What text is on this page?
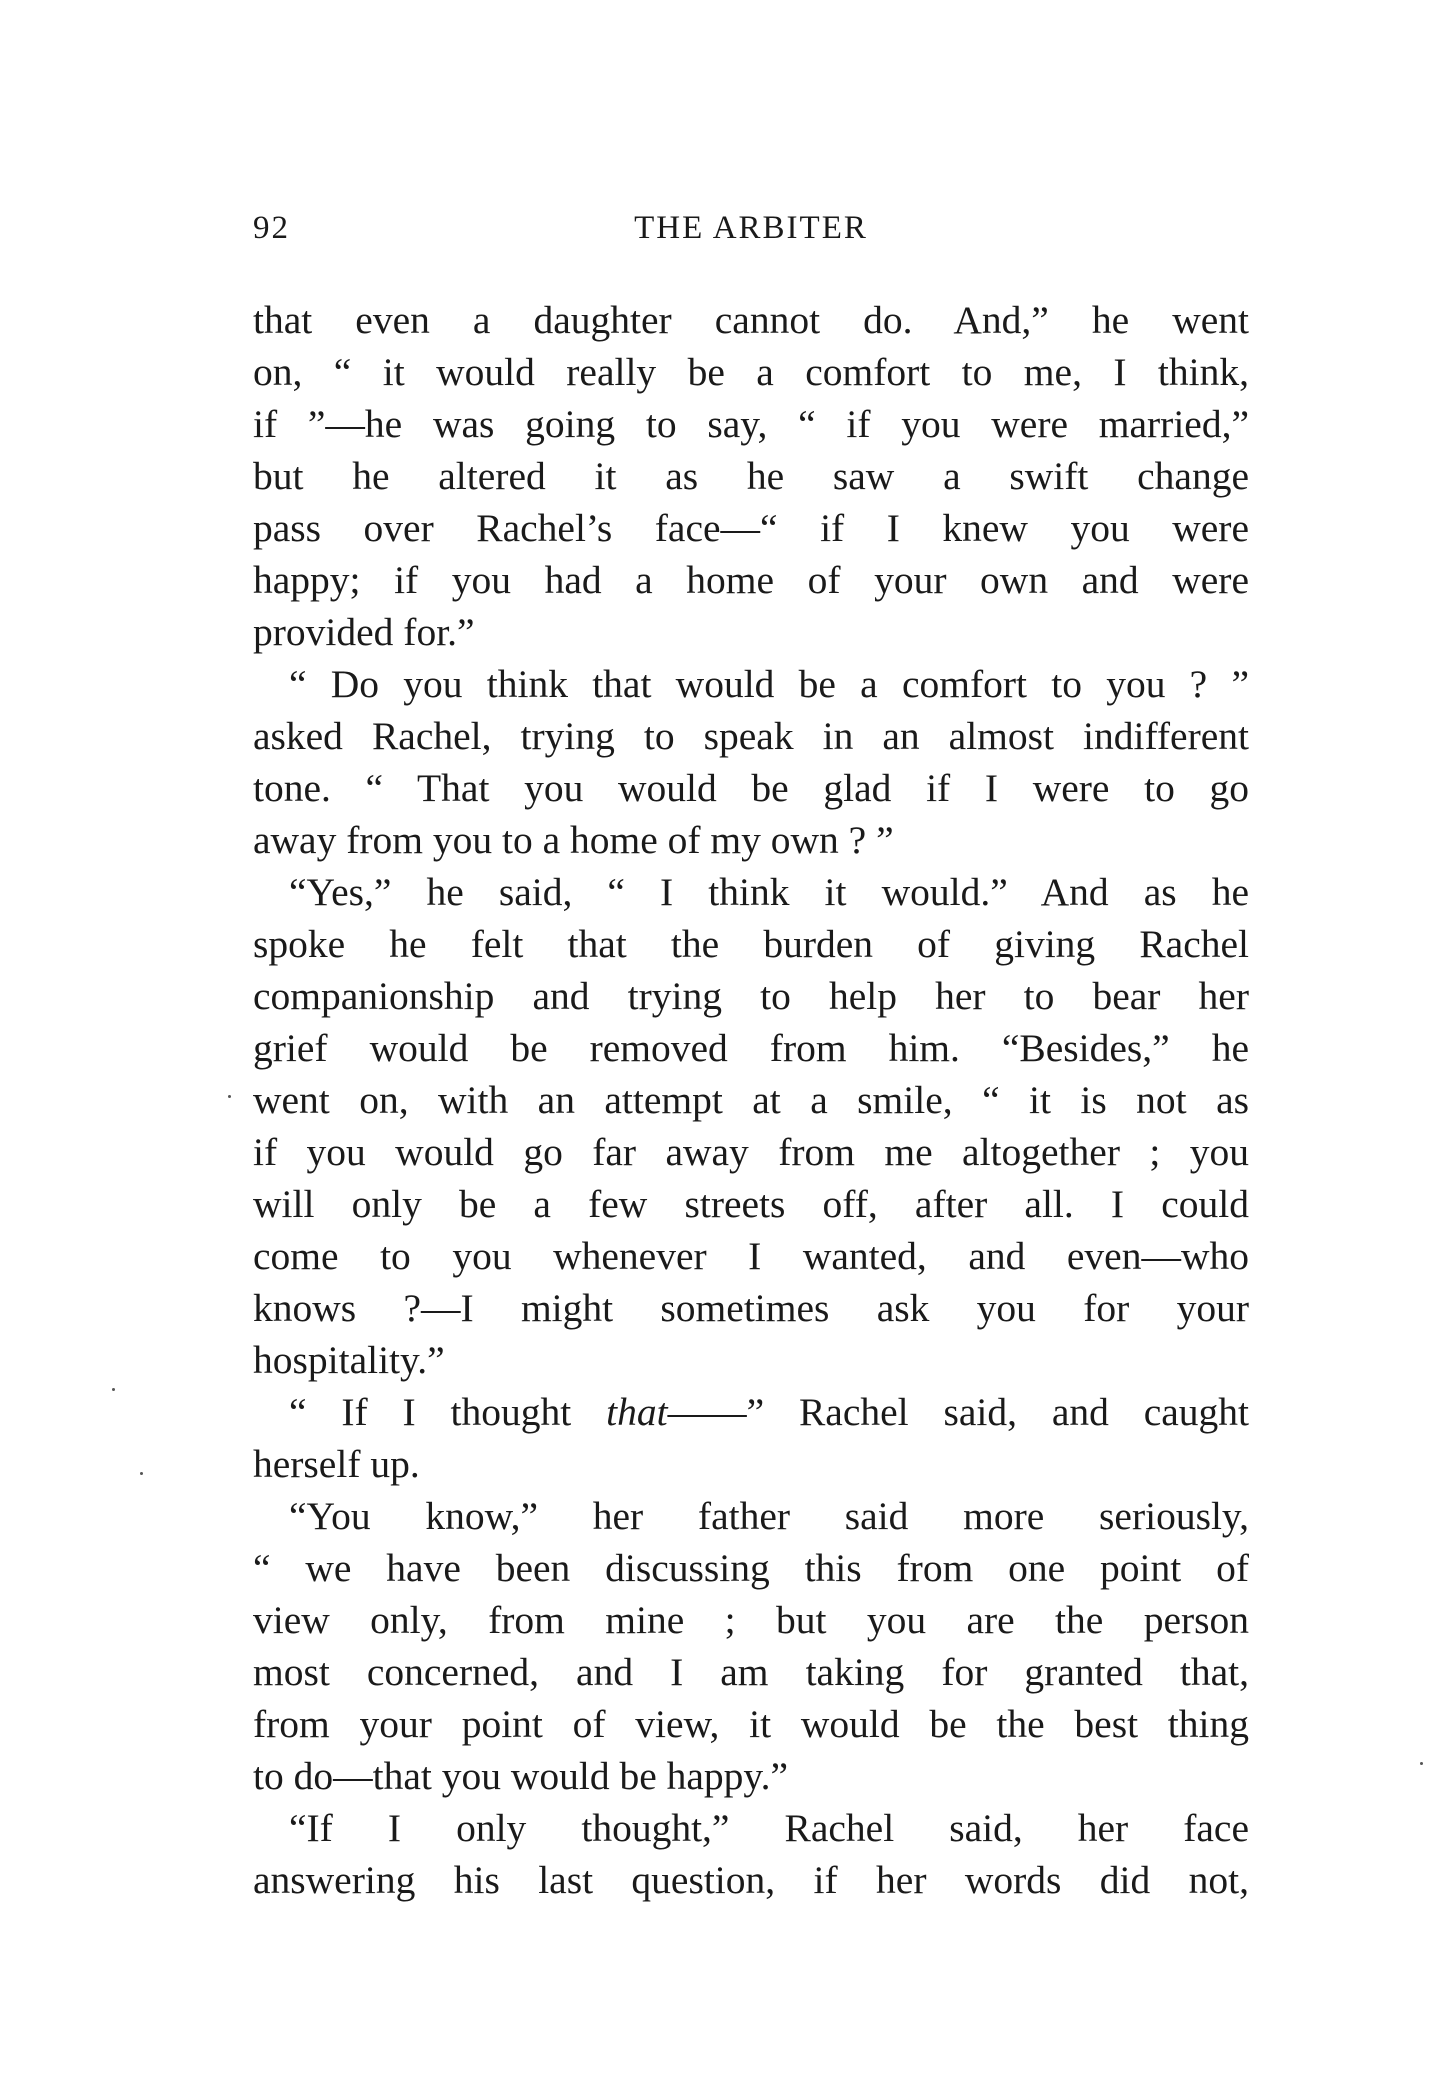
92	THE ARBITER
that even a daughter cannot do. And,” he went
on, “ it would really be a comfort to me, I think,
if ”—he was going to say, “ if you were married,”
but he altered it as he saw a swift change
pass over Rachel’s face—“ if I knew you were
happy; if you had a home of your own and were
provided for.”
“ Do you think that would be a comfort to you ? ”
asked Rachel, trying to speak in an almost indifferent
tone. “ That you would be glad if I were to go
away from you to a home of my own ? ”
“Yes,” he said, “ I think it would.” And as he
spoke he felt that the burden of giving Rachel
companionship and trying to help her to bear her
grief would be removed from him. “Besides,” he
went on, with an attempt at a smile, “ it is not as
if you would go far away from me altogether ; you
will only be a few streets off, after all. I could
come to you whenever I wanted, and even—who
knows ?—I might sometimes ask you for your
hospitality.”
“ If I thought that——” Rachel said, and caught
herself up.
“You know,” her father said more seriously,
“ we have been discussing this from one point of
view only, from mine ; but you are the person
most concerned, and I am taking for granted that,
from your point of view, it would be the best thing
to do—that you would be happy.”
“If I only thought,” Rachel said, her face
answering his last question, if her words did not,
